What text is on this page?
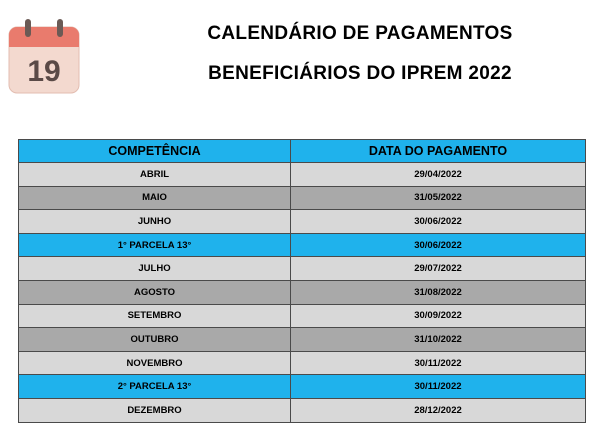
19
CALENDÁRIO DE PAGAMENTOS
BENEFICIÁRIOS DO IPREM 2022
COMPETÊNCIA	DATA DO PAGAMENTO
ABRIL	29/04/2022
MAIO	31/05/2022
JUNHO	30/06/2022
1° PARCELA 13°	30/06/2022
JULHO	29/07/2022
AGOSTO	31/08/2022
SETEMBRO	30/09/2022
OUTUBRO	31/10/2022
NOVEMBRO	30/11/2022
2° PARCELA 13°	30/11/2022
DEZEMBRO	28/12/2022
